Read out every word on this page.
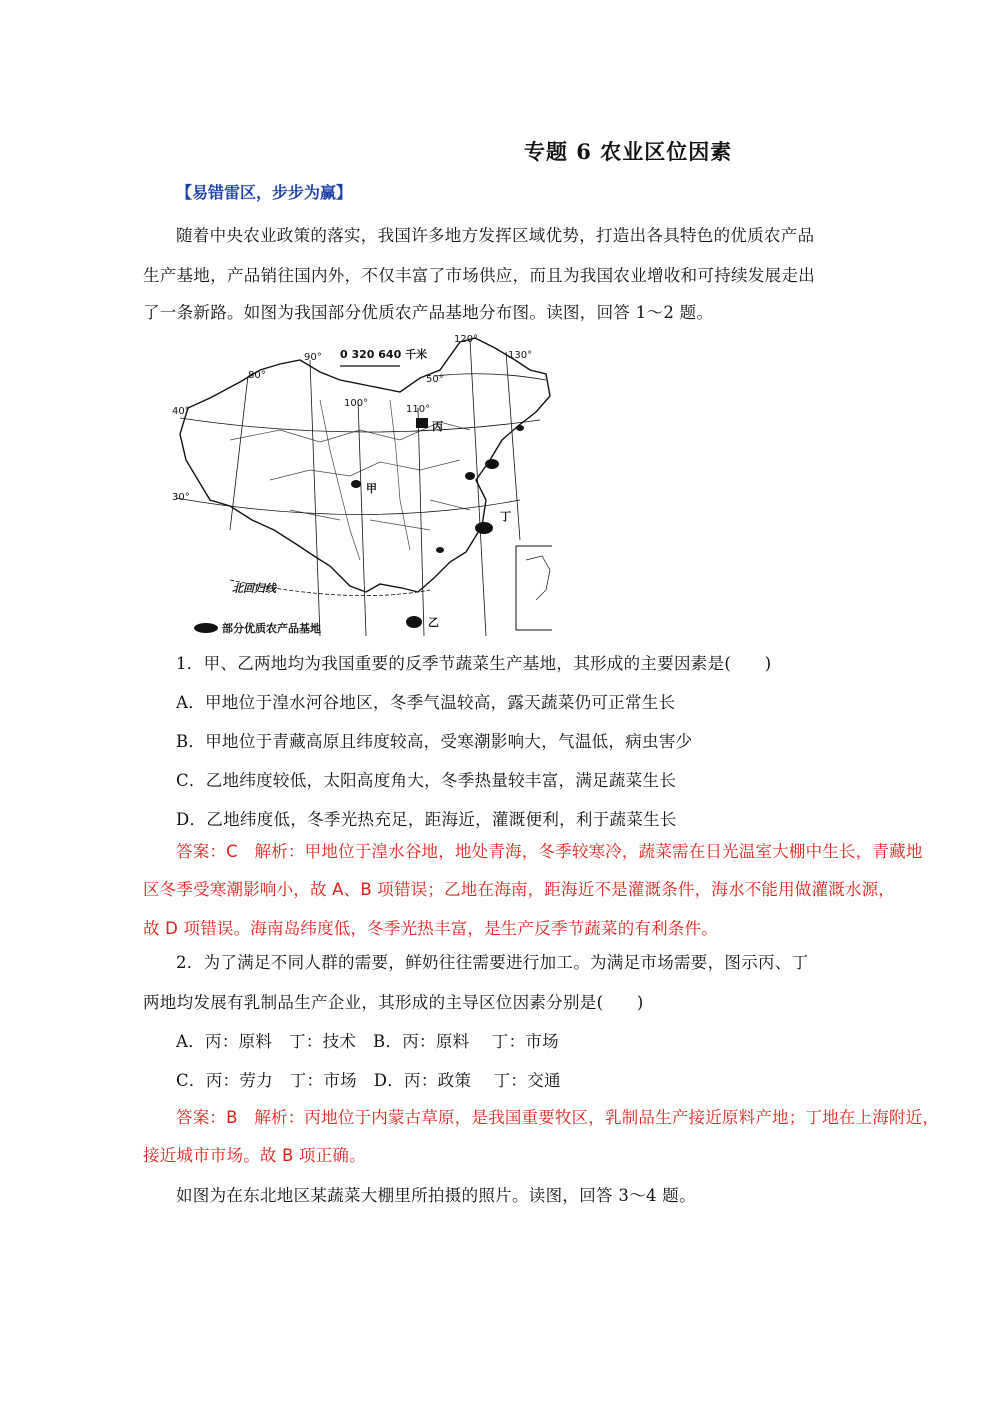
专题 6 农业区位因素
【易错雷区，步步为赢】
随着中央农业政策的落实，我国许多地方发挥区域优势，打造出各具特色的优质农产品
生产基地，产品销往国内外，不仅丰富了市场供应，而且为我国农业增收和可持续发展走出
了一条新路。如图为我国部分优质农产品基地分布图。读图，回答 1～2 题。
0 320 640 千米
90°
80°
100°
110°
120°
130°
40°
30°
50°
甲
乙
丙
丁
北回归线
部分优质农产品基地
1．甲、乙两地均为我国重要的反季节蔬菜生产基地，其形成的主要因素是(　　)
A．甲地位于湟水河谷地区，冬季气温较高，露天蔬菜仍可正常生长
B．甲地位于青藏高原且纬度较高，受寒潮影响大，气温低，病虫害少
C．乙地纬度较低，太阳高度角大，冬季热量较丰富，满足蔬菜生长
D．乙地纬度低，冬季光热充足，距海近，灌溉便利，利于蔬菜生长
答案：C　解析：甲地位于湟水谷地，地处青海，冬季较寒冷，蔬菜需在日光温室大棚中生长，青藏地
区冬季受寒潮影响小，故 A、B 项错误；乙地在海南，距海近不是灌溉条件，海水不能用做灌溉水源，
故 D 项错误。海南岛纬度低，冬季光热丰富，是生产反季节蔬菜的有利条件。
2．为了满足不同人群的需要，鲜奶往往需要进行加工。为满足市场需要，图示丙、丁
两地均发展有乳制品生产企业，其形成的主导区位因素分别是(　　)
A．丙：原料　丁：技术　B．丙：原料　 丁：市场
C．丙：劳力　丁：市场　D．丙：政策　 丁：交通
答案：B　解析：丙地位于内蒙古草原，是我国重要牧区，乳制品生产接近原料产地；丁地在上海附近，
接近城市市场。故 B 项正确。
如图为在东北地区某蔬菜大棚里所拍摄的照片。读图，回答 3～4 题。
